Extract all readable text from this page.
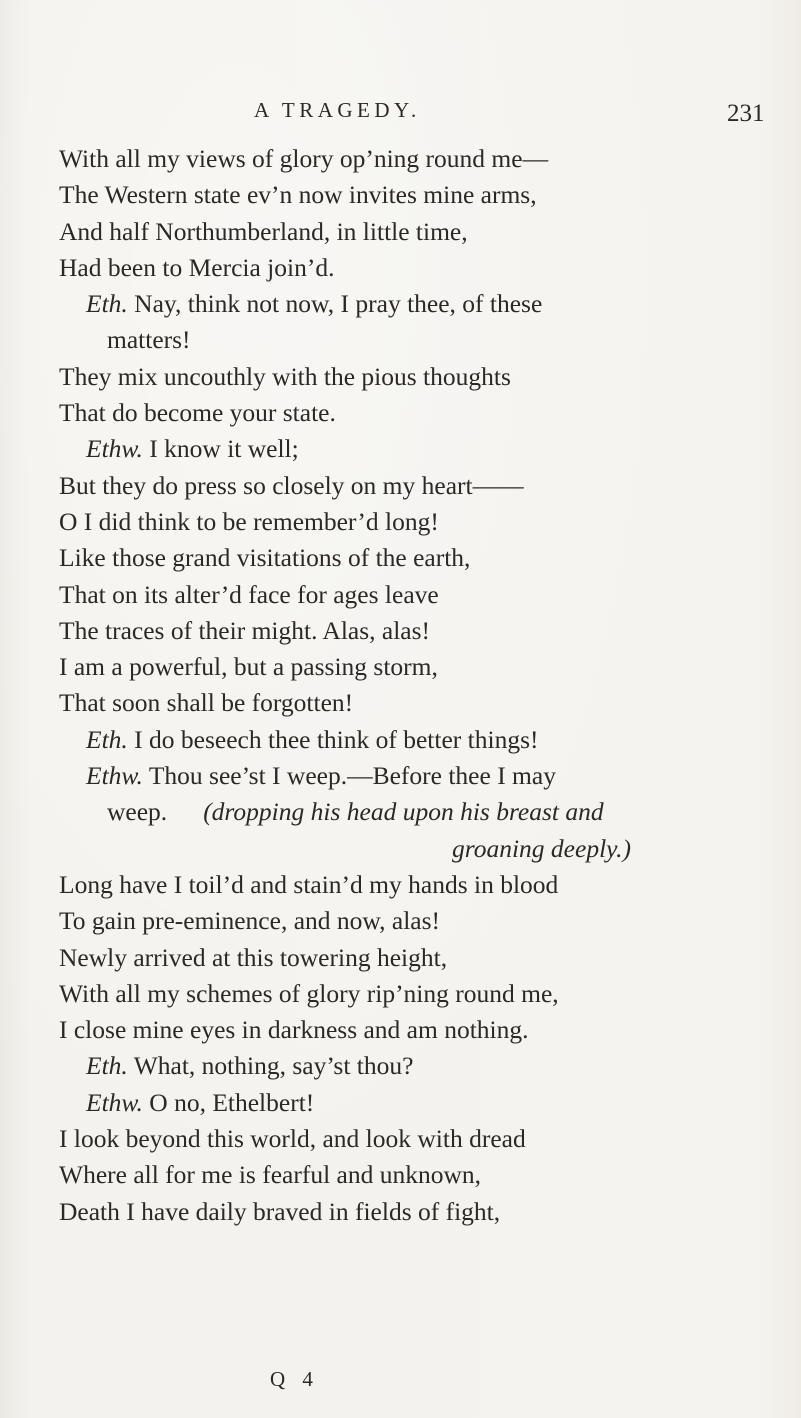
A TRAGEDY.	231
With all my views of glory op’ning round me—
The Western state ev’n now invites mine arms,
And half Northumberland, in little time,
Had been to Mercia join’d.
Eth. Nay, think not now, I pray thee, of these
matters!
They mix uncouthly with the pious thoughts
That do become your state.
Ethw. I know it well;
But they do press so closely on my heart——
O I did think to be remember’d long!
Like those grand visitations of the earth,
That on its alter’d face for ages leave
The traces of their might. Alas, alas!
I am a powerful, but a passing storm,
That soon shall be forgotten!
Eth. I do beseech thee think of better things!
Ethw. Thou see’st I weep.—Before thee I may
weep. (dropping his head upon his breast and
groaning deeply.)
Long have I toil’d and stain’d my hands in blood
To gain pre-eminence, and now, alas!
Newly arrived at this towering height,
With all my schemes of glory rip’ning round me,
I close mine eyes in darkness and am nothing.
Eth. What, nothing, say’st thou?
Ethw. O no, Ethelbert!
I look beyond this world, and look with dread
Where all for me is fearful and unknown,
Death I have daily braved in fields of fight,
Q 4
